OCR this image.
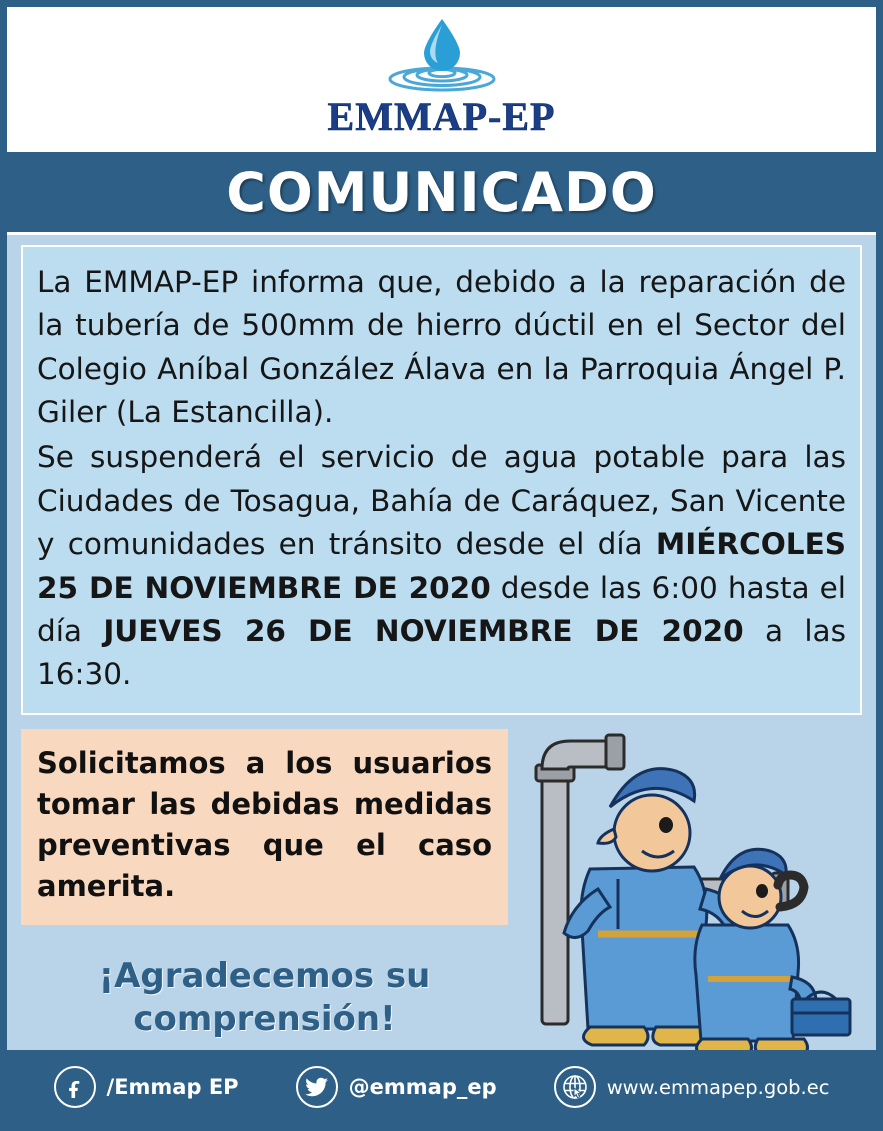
EMMAP-EP
COMUNICADO

La EMMAP-EP informa que, debido a la reparación de la tubería de 500mm de hierro dúctil en el Sector del Colegio Aníbal González Álava en la Parroquia Ángel P. Giler (La Estancilla).

Se suspenderá el servicio de agua potable para las Ciudades de Tosagua, Bahía de Caráquez, San Vicente y comunidades en tránsito desde el día MIÉRCOLES 25 DE NOVIEMBRE DE 2020 desde las 6:00 hasta el día JUEVES 26 DE NOVIEMBRE DE 2020 a las 16:30.

Solicitamos a los usuarios tomar las debidas medidas preventivas que el caso amerita.

¡Agradecemos su
comprensión!
/Emmap EP	@emmap_ep	www.emmapep.gob.ec
